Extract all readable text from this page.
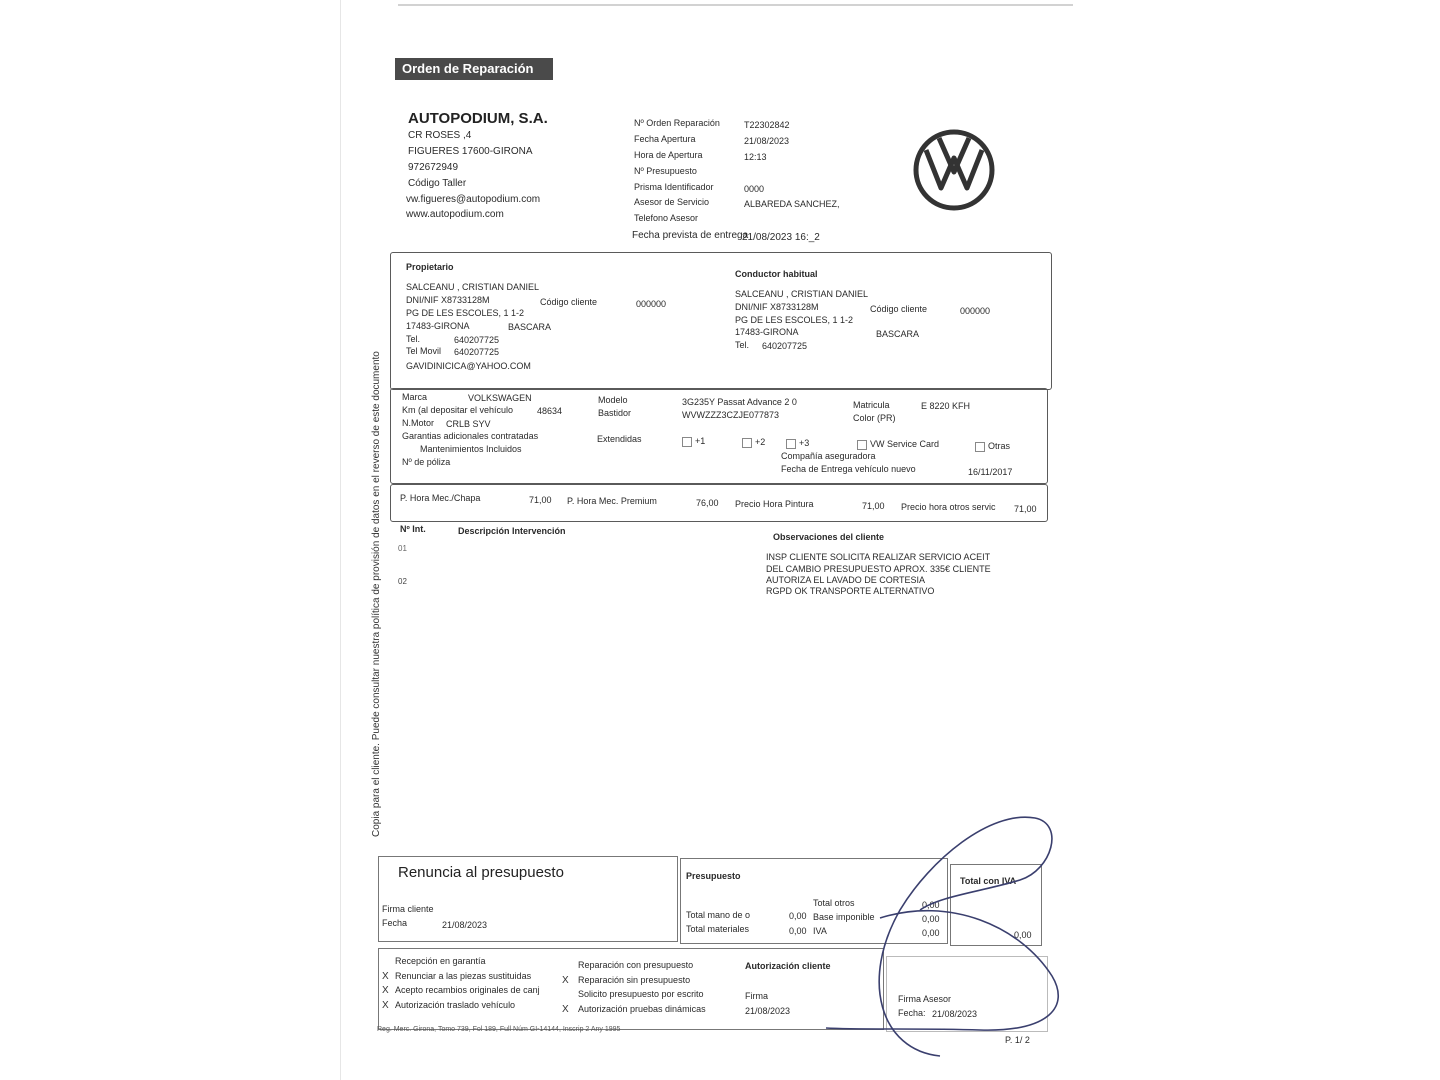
Orden de Reparación
AUTOPODIUM, S.A.
CR ROSES ,4
FIGUERES 17600-GIRONA
972672949
Código Taller
vw.figueres@autopodium.com
www.autopodium.com
Nº Orden Reparación	T22302842
Fecha Apertura	21/08/2023
Hora de Apertura	12:13
Nº Presupuesto
Prisma Identificador	0000
Asesor de Servicio	ALBAREDA SANCHEZ,
Telefono Asesor
Fecha prevista de entrega
21/08/2023 16:_2
Propietario
SALCEANU , CRISTIAN DANIEL
DNI/NIF X8733128M	Código cliente	000000
PG DE LES ESCOLES, 1 1-2
17483-GIRONA	BASCARA
Tel.	640207725
Tel Movil 640207725
GAVIDINICICA@YAHOO.COM
Conductor habitual
SALCEANU , CRISTIAN DANIEL
DNI/NIF X8733128M	Código cliente	000000
PG DE LES ESCOLES, 1 1-2
17483-GIRONA	BASCARA
Tel. 640207725
Marca	VOLKSWAGEN	Modelo	3G235Y Passat Advance 2 0	Matricula	E 8220 KFH
Km (al depositar el vehículo	48634	Bastidor	WVWZZZ3CZJE077873	Color (PR)
N.Motor CRLB SYV
Garantias adicionales contratadas	Extendidas	+1	+2	+3	VW Service Card	Otras
Mantenimientos Incluidos
Compañía aseguradora
Nº de póliza
Fecha de Entrega vehículo nuevo	16/11/2017
P. Hora Mec./Chapa	71,00 P. Hora Mec. Premium	76,00 Precio Hora Pintura	71,00 Precio hora otros servic 71,00
Nº Int.	Descripción Intervención
01
02
Observaciones del cliente
INSP CLIENTE SOLICITA REALIZAR SERVICIO ACEIT
DEL CAMBIO PRESUPUESTO APROX. 335€ CLIENTE
AUTORIZA EL LAVADO DE CORTESIA
RGPD OK TRANSPORTE ALTERNATIVO
Copia para el cliente. Puede consultar nuestra política de provisión de datos en el reverso de este documento
Renuncia al presupuesto
Firma cliente
Fecha	21/08/2023
Presupuesto
Total otros	0,00
Total mano de o	0,00 Base imponible	0,00
Total materiales	0,00 IVA	0,00
Total con IVA
0,00
Recepción en garantía
X Renunciar a las piezas sustituidas
X Acepto recambios originales de canj
X Autorización traslado vehículo
Reparación con presupuesto
X Reparación sin presupuesto
Solicito presupuesto por escrito
X Autorización pruebas dinámicas
Autorización cliente
Firma
21/08/2023
Firma Asesor
Fecha: 21/08/2023
Reg. Merc. Girona, Tomo 739, Fol 189, Full Núm GI-14144, Inscrip 2 Any 1995
P. 1/ 2
